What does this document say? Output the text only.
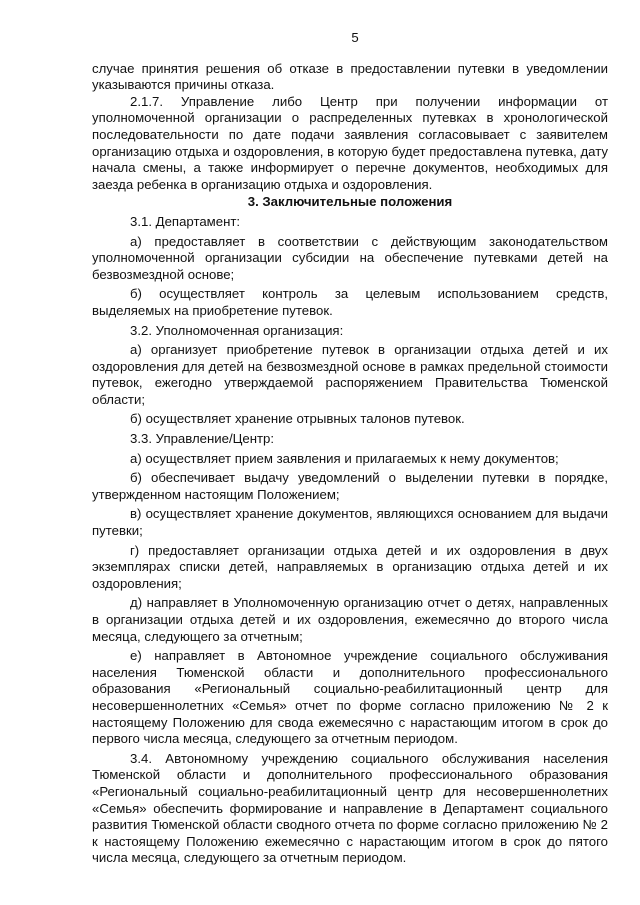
5

случае принятия решения об отказе в предоставлении путевки в уведомлении указываются причины отказа.

2.1.7. Управление либо Центр при получении информации от уполномоченной организации о распределенных путевках в хронологической последовательности по дате подачи заявления согласовывает с заявителем организацию отдыха и оздоровления, в которую будет предоставлена путевка, дату начала смены, а также информирует о перечне документов, необходимых для заезда ребенка в организацию отдыха и оздоровления.

3. Заключительные положения

3.1. Департамент:

а) предоставляет в соответствии с действующим законодательством уполномоченной организации субсидии на обеспечение путевками детей на безвозмездной основе;

б) осуществляет контроль за целевым использованием средств, выделяемых на приобретение путевок.

3.2. Уполномоченная организация:

а) организует приобретение путевок в организации отдыха детей и их оздоровления для детей на безвозмездной основе в рамках предельной стоимости путевок, ежегодно утверждаемой распоряжением Правительства Тюменской области;

б) осуществляет хранение отрывных талонов путевок.

3.3. Управление/Центр:

а) осуществляет прием заявления и прилагаемых к нему документов;

б) обеспечивает выдачу уведомлений о выделении путевки в порядке, утвержденном настоящим Положением;

в) осуществляет хранение документов, являющихся основанием для выдачи путевки;

г) предоставляет организации отдыха детей и их оздоровления в двух экземплярах списки детей, направляемых в организацию отдыха детей и их оздоровления;

д) направляет в Уполномоченную организацию отчет о детях, направленных в организации отдыха детей и их оздоровления, ежемесячно до второго числа месяца, следующего за отчетным;

е) направляет в Автономное учреждение социального обслуживания населения Тюменской области и дополнительного профессионального образования «Региональный социально-реабилитационный центр для несовершеннолетних «Семья» отчет по форме согласно приложению № 2 к настоящему Положению для свода ежемесячно с нарастающим итогом в срок до первого числа месяца, следующего за отчетным периодом.

3.4. Автономному учреждению социального обслуживания населения Тюменской области и дополнительного профессионального образования «Региональный социально-реабилитационный центр для несовершеннолетних «Семья» обеспечить формирование и направление в Департамент социального развития Тюменской области сводного отчета по форме согласно приложению № 2 к настоящему Положению ежемесячно с нарастающим итогом в срок до пятого числа месяца, следующего за отчетным периодом.
